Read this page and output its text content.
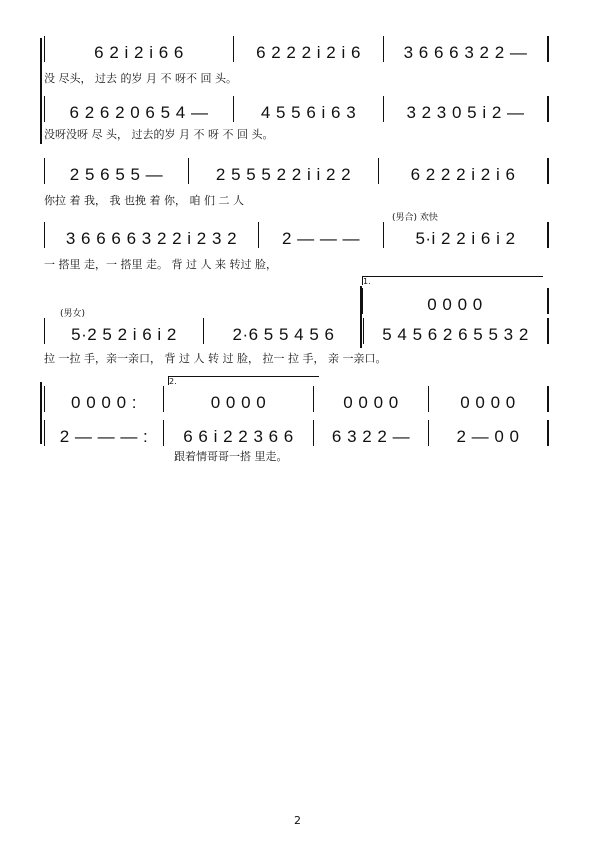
6 2 i 2 i 6 6	6 2 2 2 i 2 i 6	3 6 6 6 3 2 2 —
没 尽头， 过去 的岁 月 不 呀不 回 头。
6 2 6 2 0 6 5 4 —	4 5 5 6 i 6 3	3 2 3 0 5 i 2 —
没呀没呀 尽 头， 过去的岁 月 不 呀 不 回 头。
2 5 6 5 5 —	2 5 5 5 2 2 i i 2 2	6 2 2 2 i 2 i 6
你拉 着 我， 我 也挽 着 你， 咱 们 二 人
(男合) 欢快
3 6 6 6 6 3 2 2 i 2 3 2	2 — — —	5·i 2 2 i 6 i 2
一 搭里 走，一 搭里 走。 背 过 人 来 转过 脸，
1.
0 0 0 0
(男女)
5·2 5 2 i 6 i 2	2·6 5 5 4 5 6	5 4 5 6 2 6 5 5 3 2
拉 一拉 手，亲一亲口， 背 过 人 转 过 脸， 拉一 拉 手， 亲 一亲口。
2.
0 0 0 0 :	0 0 0 0	0 0 0 0	0 0 0 0
2 — — — : 6 6 i 2 2 3 6 6 6 3 2 2 —	2 — 0 0
跟着情哥哥一搭 里走。
2
